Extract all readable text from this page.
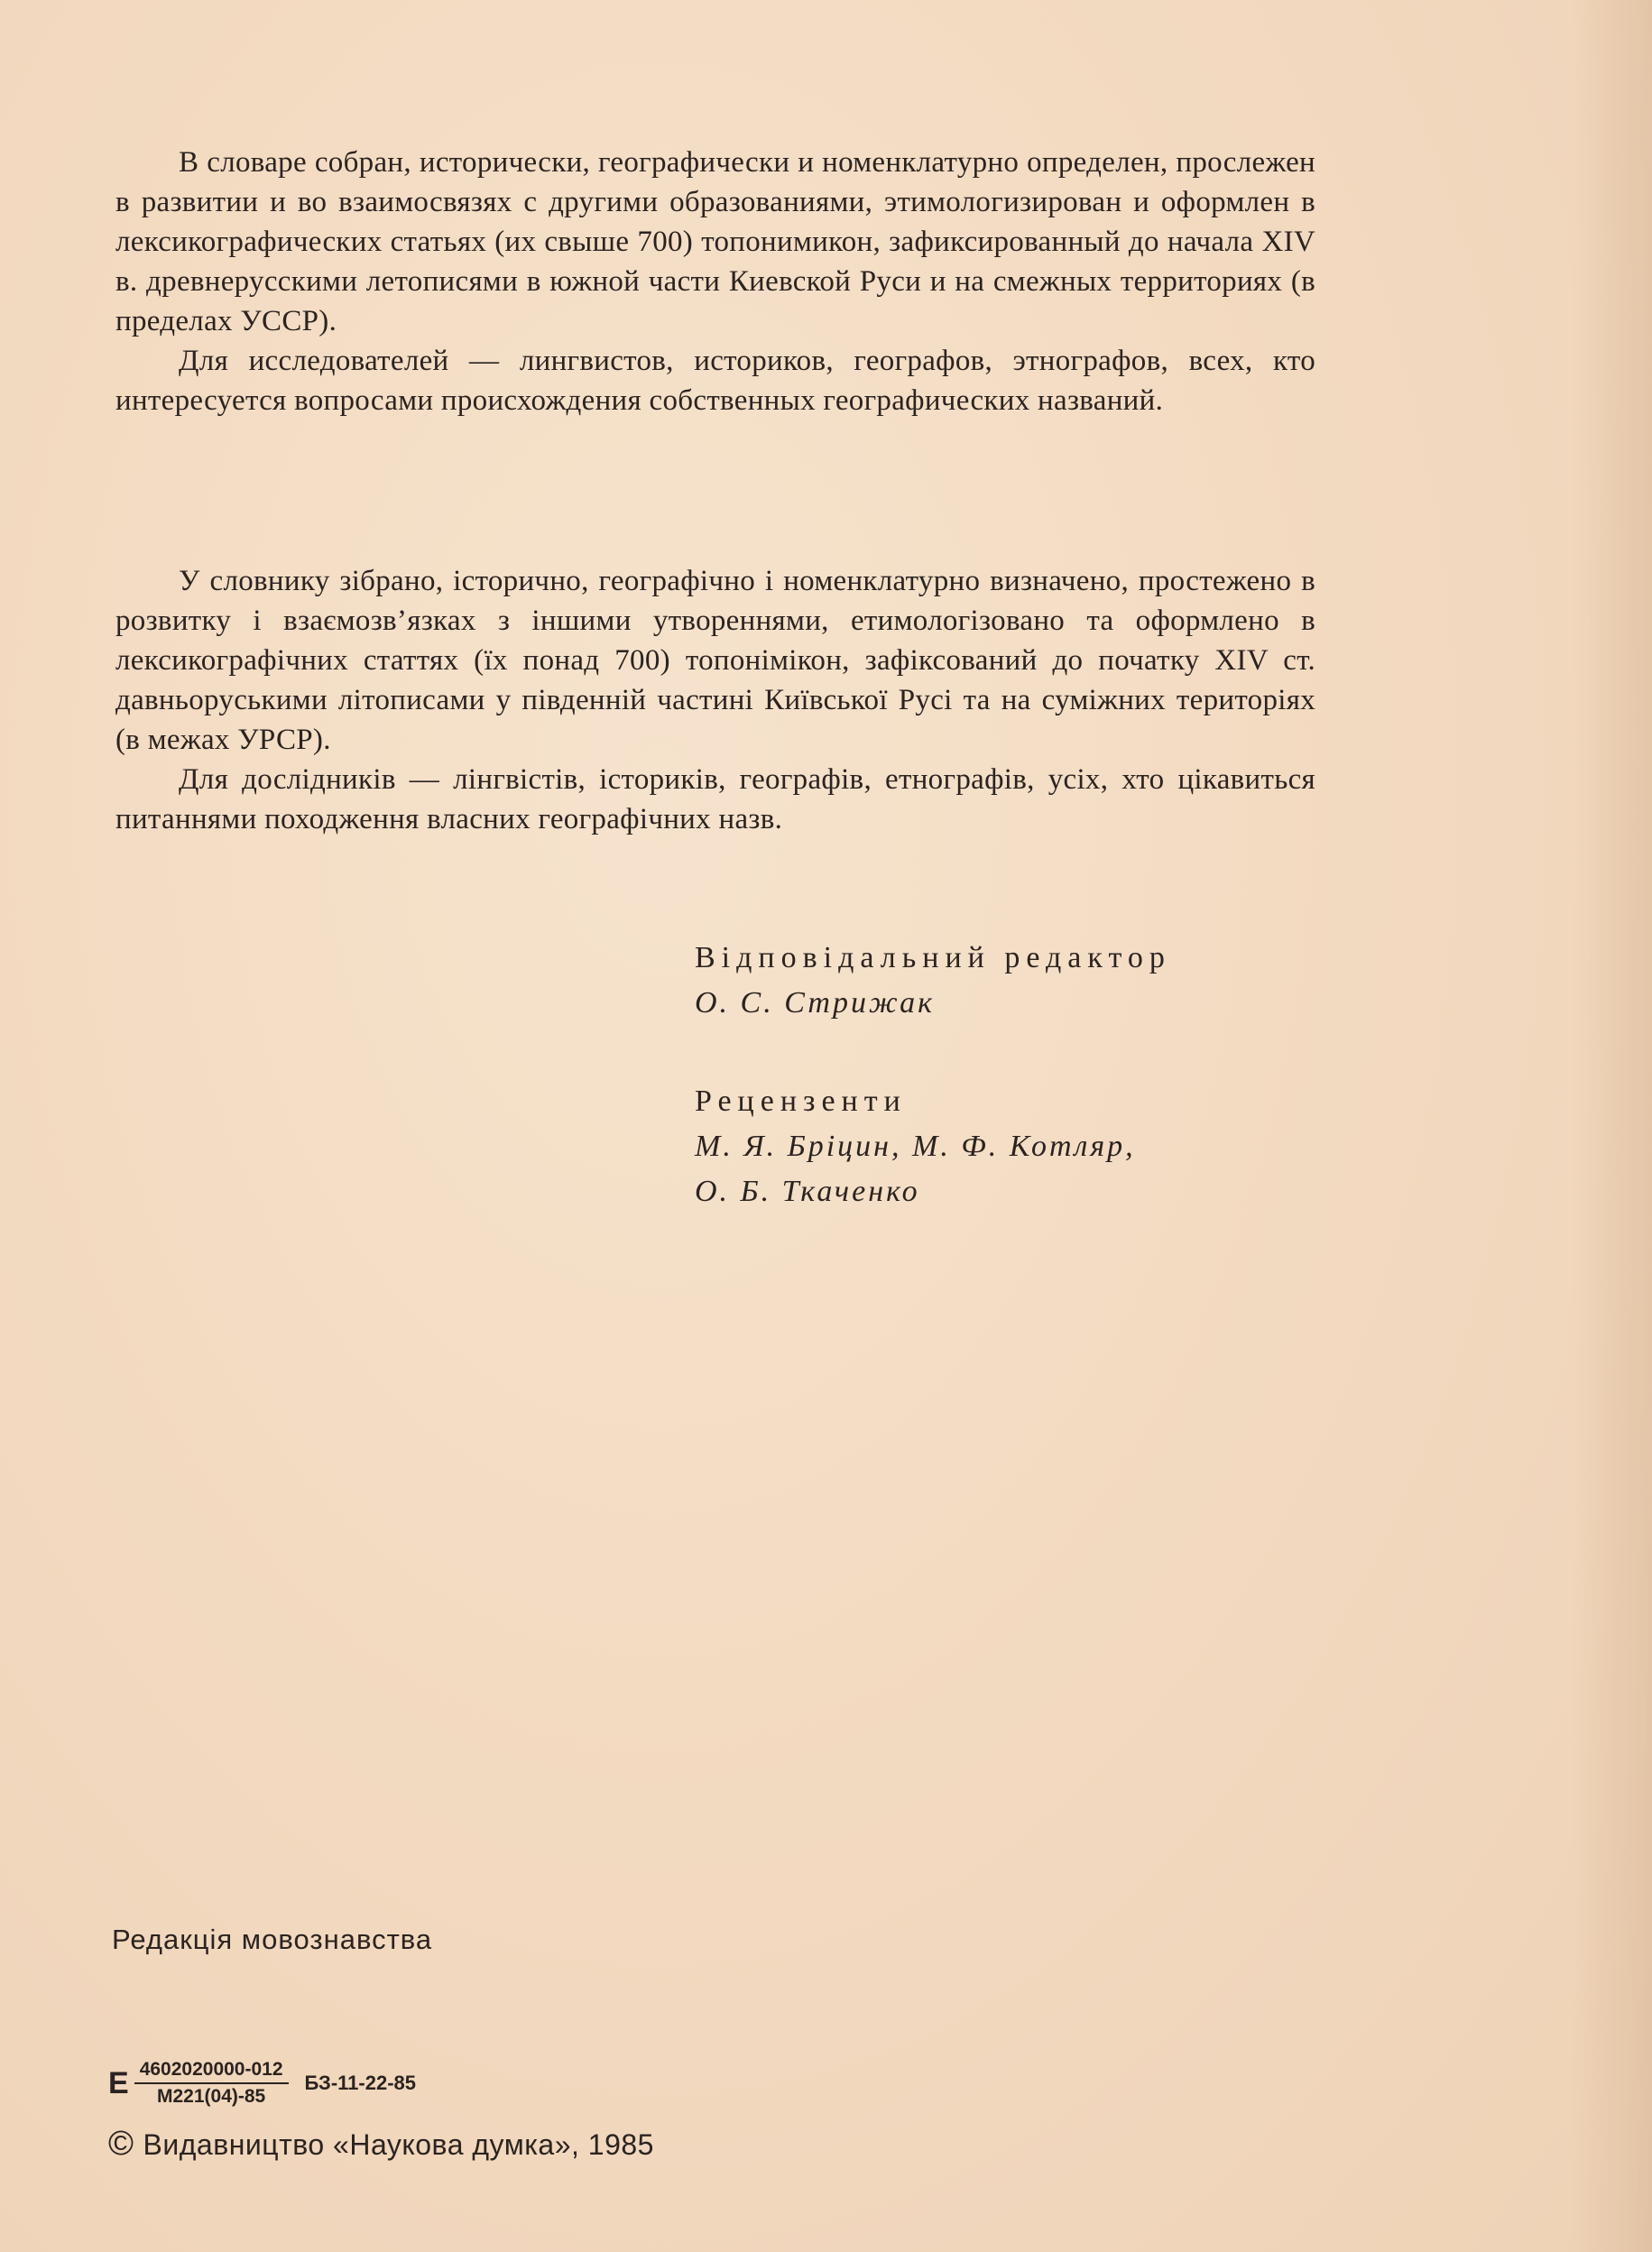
В словаре собран, исторически, географически и номенклатурно определен, прослежен в развитии и во взаимосвязях с другими образованиями, этимологизирован и оформлен в лексикографических статьях (их свыше 700) топонимикон, зафиксированный до начала XIV в. древнерусскими летописями в южной части Киевской Руси и на смежных территориях (в пределах УССР).

Для исследователей — лингвистов, историков, географов, этнографов, всех, кто интересуется вопросами происхождения собственных географических названий.

У словнику зібрано, історично, географічно і номенклатурно визначено, простежено в розвитку і взаємозв’язках з іншими утвореннями, етимологізовано та оформлено в лексикографічних статтях (їх понад 700) топонімікон, зафіксований до початку XIV ст. давньоруськими літописами у південній частині Київської Русі та на суміжних територіях (в межах УРСР).

Для дослідників — лінгвістів, істориків, географів, етнографів, усіх, хто цікавиться питаннями походження власних географічних назв.

Відповідальний редактор
О. С. Стрижак
Рецензенти
М. Я. Бріцин, М. Ф. Котляр,
О. Б. Ткаченко
Редакція мовознавства
Е $\frac{4602020000-012}{М221(04)-85} БЗ-11-22-85$
© Видавництво «Наукова думка», 1985
